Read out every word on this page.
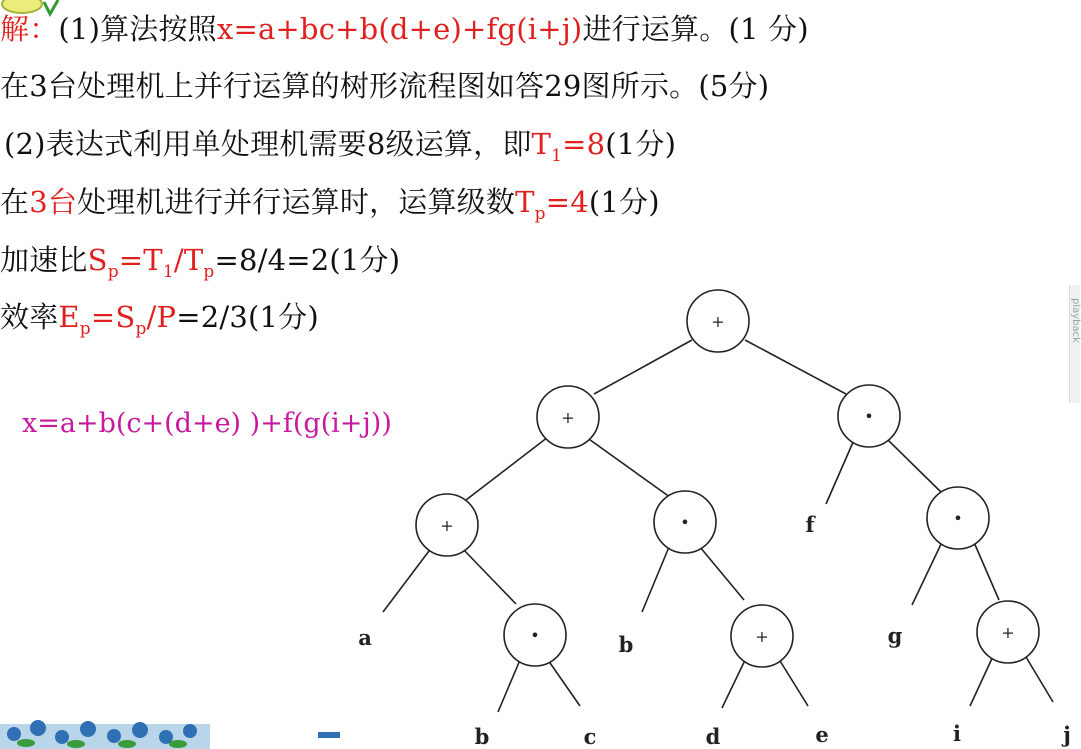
解：(1)算法按照x=a+bc+b(d+e)+fg(i+j)进行运算。(1 分)
在3台处理机上并行运算的树形流程图如答29图所示。(5分)
(2)表达式利用单处理机需要8级运算，即$T_1=8(1$分)
在3台处理机进行并行运算时，运算级数$T_p=4(1$分)
加速比$S_p=T_1/T_p=8/4=2(1$分)
效率$E_p=S_p/P=2/3(1$分)
x=a+b(c+(d+e) )+f(g(i+j))
+
+	•
+	•	•
•	+	+
a
b	c
b
d	e
f
g
i	j
playback
